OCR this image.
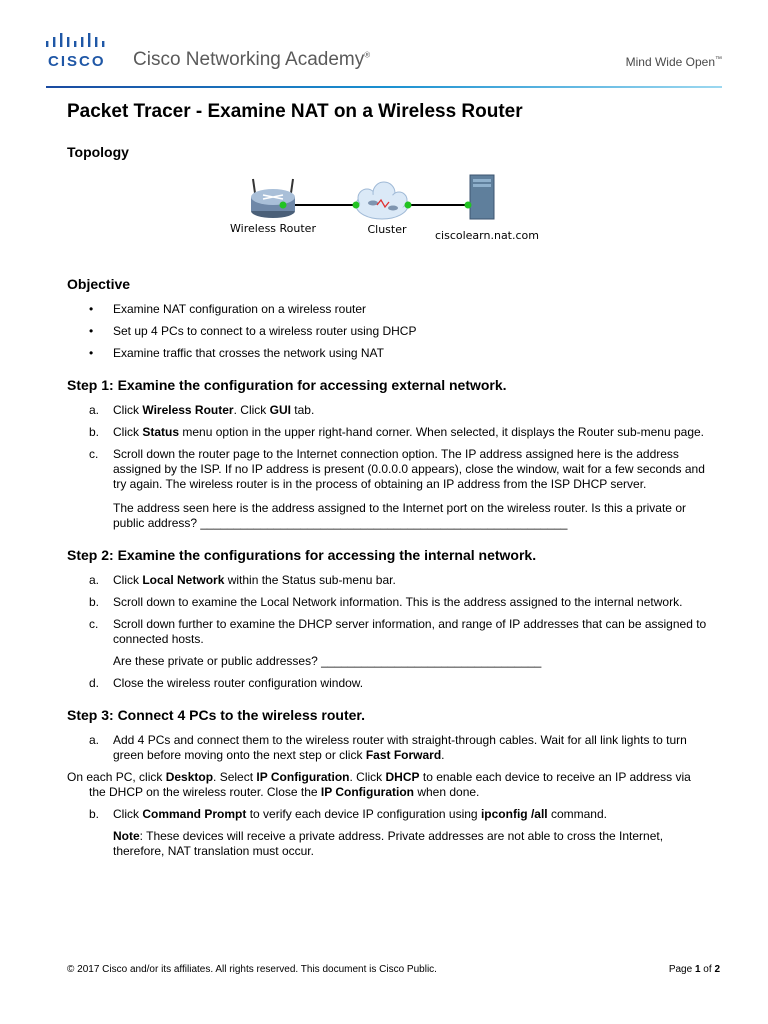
CISCO Cisco Networking Academy®	Mind Wide Open™
Packet Tracer - Examine NAT on a Wireless Router
Topology
Wireless Router	Cluster	ciscolearn.nat.com
Objective
• Examine NAT configuration on a wireless router
• Set up 4 PCs to connect to a wireless router using DHCP
• Examine traffic that crosses the network using NAT
Step 1: Examine the configuration for accessing external network.
a. Click Wireless Router. Click GUI tab.
b. Click Status menu option in the upper right-hand corner. When selected, it displays the Router sub-menu page.
c. Scroll down the router page to the Internet connection option. The IP address assigned here is the address assigned by the ISP. If no IP address is present (0.0.0.0 appears), close the window, wait for a few seconds and try again. The wireless router is in the process of obtaining an IP address from the ISP DHCP server.

The address seen here is the address assigned to the Internet port on the wireless router. Is this a private or public address? _______________________________________________________

Step 2: Examine the configurations for accessing the internal network.
a. Click Local Network within the Status sub-menu bar.
b. Scroll down to examine the Local Network information. This is the address assigned to the internal network.
c. Scroll down further to examine the DHCP server information, and range of IP addresses that can be assigned to connected hosts.

Are these private or public addresses? _________________________________

d. Close the wireless router configuration window.
Step 3: Connect 4 PCs to the wireless router.
a. Add 4 PCs and connect them to the wireless router with straight-through cables. Wait for all link lights to turn green before moving onto the next step or click Fast Forward.

On each PC, click Desktop. Select IP Configuration. Click DHCP to enable each device to receive an IP address via the DHCP on the wireless router. Close the IP Configuration when done.

b. Click Command Prompt to verify each device IP configuration using ipconfig /all command.

Note: These devices will receive a private address. Private addresses are not able to cross the Internet, therefore, NAT translation must occur.

© 2017 Cisco and/or its affiliates. All rights reserved. This document is Cisco Public.	Page 1 of 2
